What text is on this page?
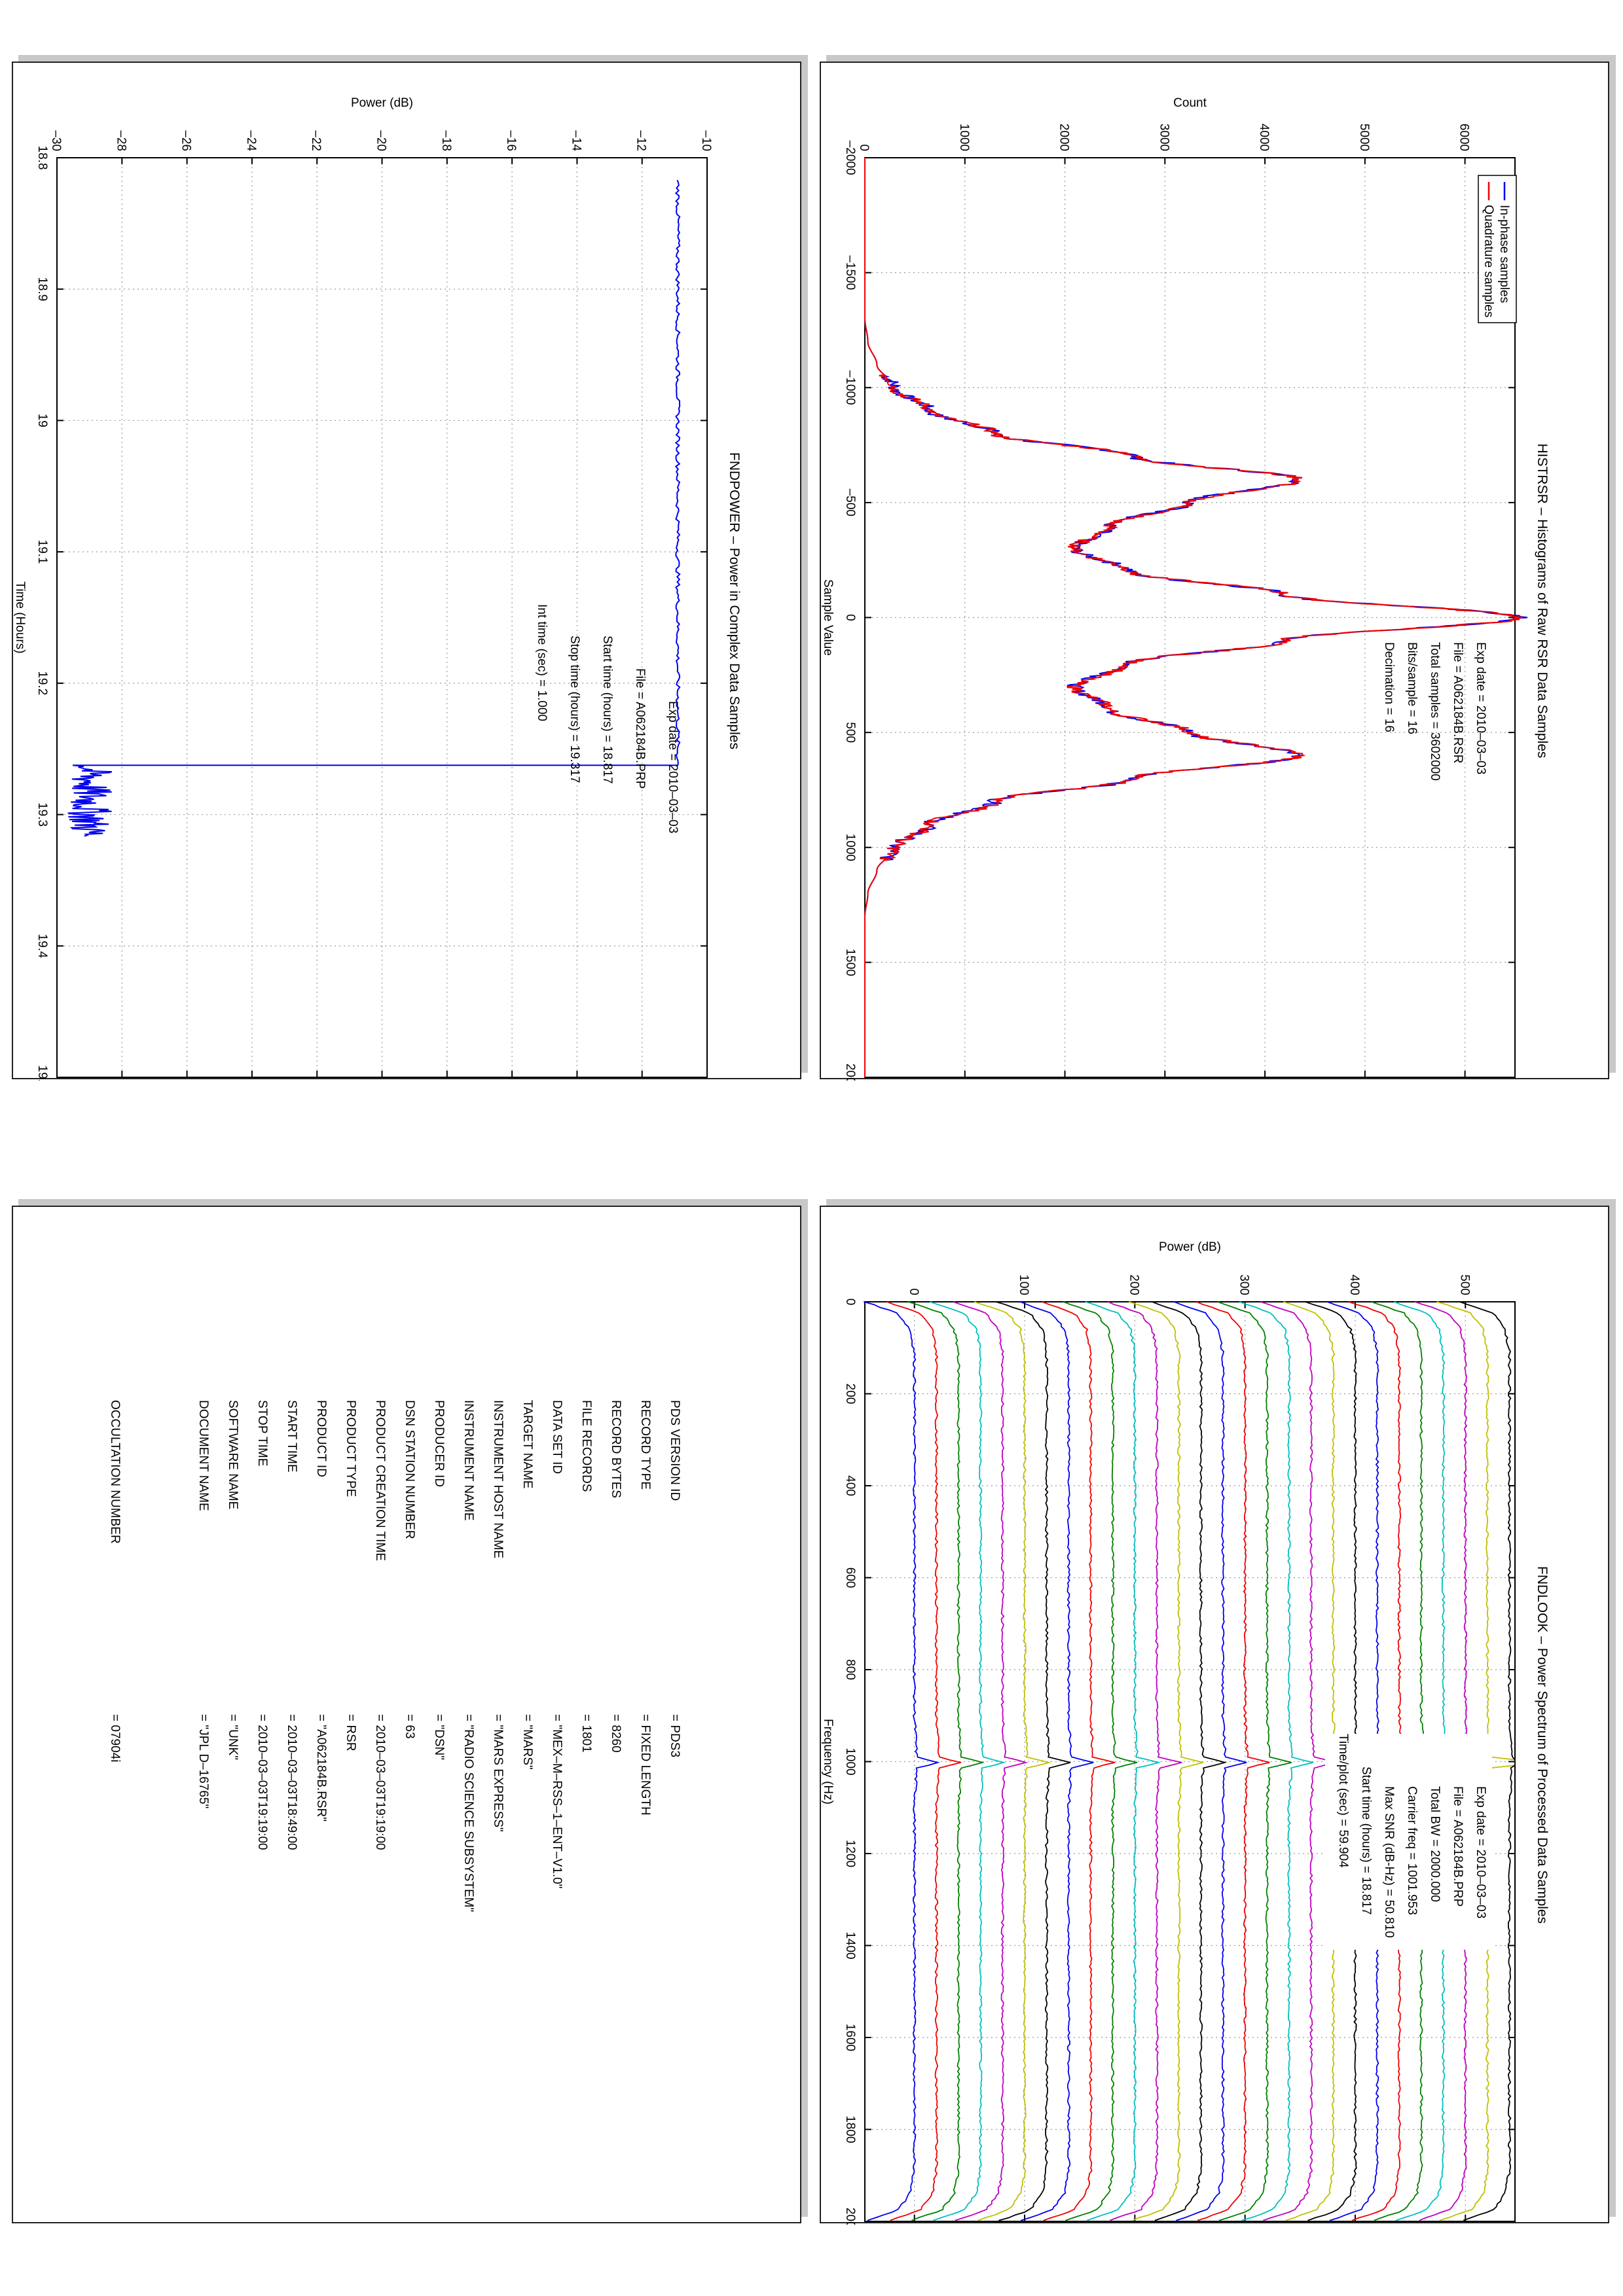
HISTRSR – Histograms of Raw RSR Data Samples
–2000
–1500
–1000
–500
0
500
1000
1500
2000
0	1000	2000	3000	4000	5000	6000
Sample Value
Count
In-phase samples
Quadrature samples
Exp date = 2010–03–03
File = A062184B.RSR
Total samples = 3602000
Bits/sample = 16
Decimation = 16
FNDPOWER – Power in Complex Data Samples
18.8
18.9
19
19.1
19.2
19.3
19.4
19.5
–30	–28	–26	–24	–22	–20	–18	–16	–14	–12	–10
Time (Hours)
Power (dB)
Exp date = 2010–03–03
File = A062184B.PRP
Start time (hours) = 18.817
Stop time (hours) = 19.317
Int time (sec) = 1.000
FNDLOOK – Power Spectrum of Processed Data Samples
0
200
400
600
800
1000
1200
1400
1600
1800
2000
0	100	200	300	400	500
Frequency (Hz)
Power (dB)
Exp date = 2010–03–03
File = A062184B.PRP
Total BW = 2000.000
Carrier freq = 1001.953
Max SNR (dB-Hz) = 50.810
Start time (hours) = 18.817
Time/plot (sec) = 59.904
PDS VERSION ID
= PDS3
RECORD TYPE
= FIXED LENGTH
RECORD BYTES
= 8260
FILE RECORDS
= 1801
DATA SET ID
= "MEX–M–RSS–1–ENT–V1.0"
TARGET NAME
= "MARS"
INSTRUMENT HOST NAME
= "MARS EXPRESS"
INSTRUMENT NAME
= "RADIO SCIENCE SUBSYSTEM"
PRODUCER ID
= "DSN"
DSN STATION NUMBER
= 63
PRODUCT CREATION TIME
= 2010–03–03T19:19:00
PRODUCT TYPE
= RSR
PRODUCT ID
= "A062184B.RSR"
START TIME
= 2010–03–03T18:49:00
STOP TIME
= 2010–03–03T19:19:00
SOFTWARE NAME
= "UNK"
DOCUMENT NAME
= "JPL D–16765"
OCCULTATION NUMBER
= 07904i
